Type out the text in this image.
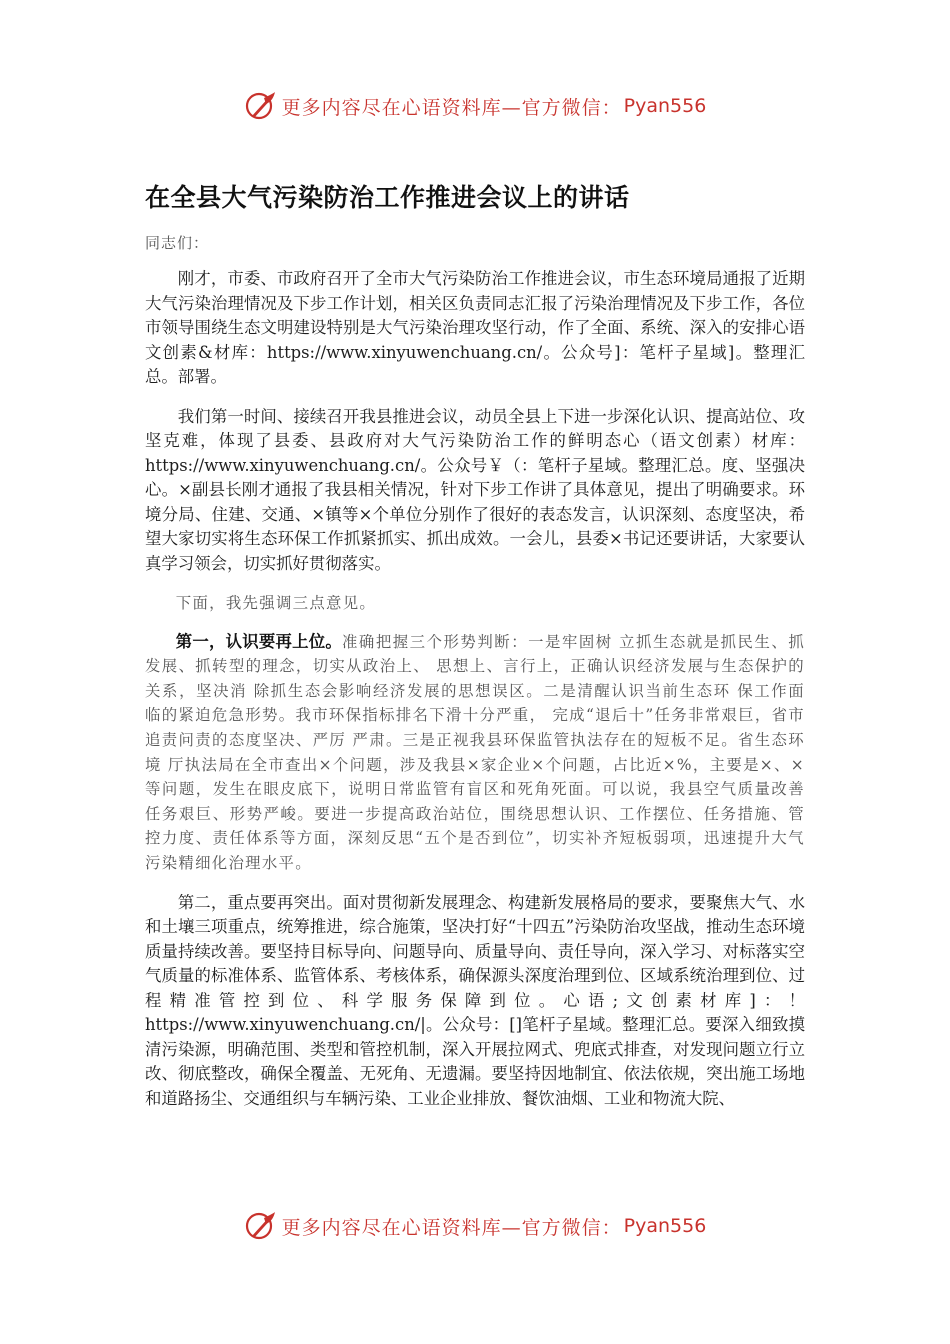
更多内容尽在心语资料库—官方微信： Pyan556
在全县大气污染防治工作推进会议上的讲话
同志们：

刚才，市委、市政府召开了全市大气污染防治工作推进会议，市生态环境局通报了近期大气污染治理情况及下步工作计划，相关区负责同志汇报了污染治理情况及下步工作，各位市领导围绕生态文明建设特别是大气污染治理攻坚行动，作了全面、系统、深入的安排心语文创素&材库：https://www.xinyuwenchuang.cn/。公众号]：笔杆子星域]。整理汇总。部署。

我们第一时间、接续召开我县推进会议，动员全县上下进一步深化认识、提高站位、攻坚克难，体现了县委、县政府对大气污染防治工作的鲜明态心（语文创素）材库：https://www.xinyuwenchuang.cn/。公众号￥（：笔杆子星域。整理汇总。度、坚强决心。×副县长刚才通报了我县相关情况，针对下步工作讲了具体意见，提出了明确要求。环境分局、住建、交通、×镇等×个单位分别作了很好的表态发言，认识深刻、态度坚决，希望大家切实将生态环保工作抓紧抓实、抓出成效。一会儿，县委×书记还要讲话，大家要认真学习领会，切实抓好贯彻落实。

下面，我先强调三点意见。

第一，认识要再上位。准确把握三个形势判断：一是牢固树 立抓生态就是抓民生、抓发展、抓转型的理念，切实从政治上、 思想上、言行上，正确认识经济发展与生态保护的关系，坚决消 除抓生态会影响经济发展的思想误区。二是清醒认识当前生态环 保工作面临的紧迫危急形势。我市环保指标排名下滑十分严重， 完成“退后十”任务非常艰巨，省市追责问责的态度坚决、严厉 严肃。三是正视我县环保监管执法存在的短板不足。省生态环境 厅执法局在全市查出×个问题，涉及我县×家企业×个问题，占比近×%，主要是×、×等问题，发生在眼皮底下，说明日常监管有盲区和死角死面。可以说，我县空气质量改善任务艰巨、形势严峻。要进一步提高政治站位，围绕思想认识、工作摆位、任务措施、管控力度、责任体系等方面，深刻反思“五个是否到位”，切实补齐短板弱项，迅速提升大气污染精细化治理水平。

第二，重点要再突出。面对贯彻新发展理念、构建新发展格局的要求，要聚焦大气、水和土壤三项重点，统筹推进，综合施策，坚决打好“十四五”污染防治攻坚战，推动生态环境质量持续改善。要坚持目标导向、问题导向、质量导向、责任导向，深入学习、对标落实空气质量的标准体系、监管体系、考核体系，确保源头深度治理到位、区域系统治理到位、过程精准管控到位、科学服务保障到位。心语;文创素材库]：！https://www.xinyuwenchuang.cn/|。公众号：[]笔杆子星域。整理汇总。要深入细致摸清污染源，明确范围、类型和管控机制，深入开展拉网式、兜底式排查，对发现问题立行立改、彻底整改，确保全覆盖、无死角、无遗漏。要坚持因地制宜、依法依规，突出施工场地和道路扬尘、交通组织与车辆污染、工业企业排放、餐饮油烟、工业和物流大院、

更多内容尽在心语资料库—官方微信： Pyan556
